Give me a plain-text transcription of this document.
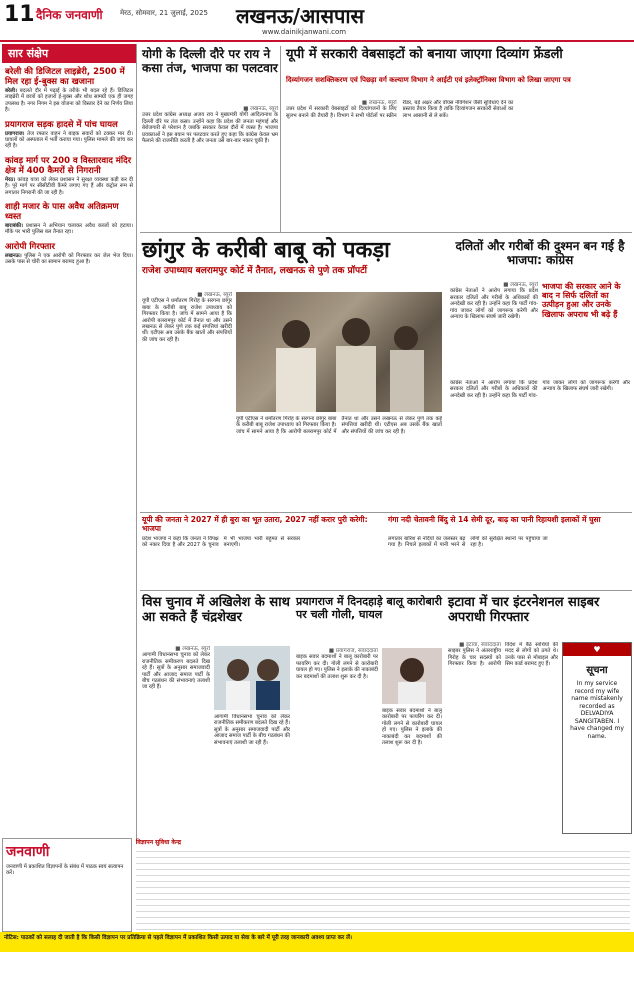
11 दैनिक जनवाणी मेरठ, सोमवार, 21 जुलाई, 2025 लखनऊ/आसपास
www.dainikjanwani.com
सार संक्षेप
बरेली की डिजिटल लाइब्रेरी, 2500 में मिल रहा ई-बुक्स का खजाना
बरेली। बदलते दौर में पढ़ाई के तरीके भी बदल रहे हैं। डिजिटल लाइब्रेरी में छात्रों को हजारों ई-बुक्स और शोध सामग्री एक ही जगह उपलब्ध है। नगर निगम ने इस योजना को विस्तार देने का निर्णय लिया है।
प्रयागराज सड़क हादसे में पांच घायल
प्रयागराज। तेज रफ्तार वाहन ने बाइक सवारों को टक्कर मार दी। घायलों को अस्पताल में भर्ती कराया गया। पुलिस मामले की जांच कर रही है।
कांवड़ मार्ग पर 200 व विस्तारवाद मंदिर क्षेत्र में 400 कैमरों से निगरानी
मेरठ। कांवड़ यात्रा को लेकर प्रशासन ने सुरक्षा व्यवस्था कड़ी कर दी है। पूरे मार्ग पर सीसीटीवी कैमरे लगाए गए हैं और कंट्रोल रूम से लगातार निगरानी की जा रही है।
शाही मजार के पास अवैध अतिक्रमण ध्वस्त
बाराबंकी। प्रशासन ने अभियान चलाकर अवैध कब्जों को हटाया। मौके पर भारी पुलिस बल तैनात रहा।
आरोपी गिरफ्तार
लखनऊ। पुलिस ने एक आरोपी को गिरफ्तार कर जेल भेज दिया। उसके पास से चोरी का सामान बरामद हुआ है।
योगी के दिल्ली दौरे पर राय ने कसा तंज, भाजपा का पलटवार
■ लखनऊ, ब्यूरो
उत्तर प्रदेश कांग्रेस अध्यक्ष अजय राय ने मुख्यमंत्री योगी आदित्यनाथ के दिल्ली दौरे पर तंज कसा। उन्होंने कहा कि प्रदेश की जनता महंगाई और बेरोजगारी से परेशान है जबकि सरकार केवल दौरों में व्यस्त है। भाजपा प्रवक्ताओं ने इस बयान पर पलटवार करते हुए कहा कि कांग्रेस केवल भ्रम फैलाने की राजनीति करती है और जनता उसे बार-बार नकार चुकी है।
यूपी में सरकारी वेबसाइटों को बनाया जाएगा दिव्यांग फ्रेंडली
दिव्यांगजन सशक्तिकरण एवं पिछड़ा वर्ग कल्याण विभाग ने आईटी एवं इलेक्ट्रॉनिक्स विभाग को लिखा जाएगा पत्र
■ लखनऊ, ब्यूरो
उत्तर प्रदेश में सरकारी वेबसाइटों को दिव्यांगजनों के लिए सुलभ बनाने की तैयारी है। विभाग ने सभी पोर्टलों पर स्क्रीन रीडर, बड़े अक्षर और वॉयस नेविगेशन जैसी सुविधाएं देने का प्रस्ताव तैयार किया है ताकि दिव्यांगजन सरकारी सेवाओं का लाभ आसानी से ले सकें।
छांगुर के करीबी बाबू को पकड़ा
राजेश उपाध्याय बलरामपुर कोर्ट में तैनात, लखनऊ से पुणे तक प्रॉपर्टी
■ लखनऊ, ब्यूरो
यूपी एटीएस ने धर्मांतरण गिरोह के सरगना छांगुर बाबा के करीबी बाबू राजेश उपाध्याय को गिरफ्तार किया है। जांच में सामने आया है कि आरोपी बलरामपुर कोर्ट में तैनात था और उसने लखनऊ से लेकर पुणे तक कई संपत्तियां खरीदी थीं। एटीएस अब उसके बैंक खातों और संपत्तियों की जांच कर रही है।
यूपी एटीएस ने धर्मांतरण गिरोह के सरगना छांगुर बाबा के करीबी बाबू राजेश उपाध्याय को गिरफ्तार किया है। जांच में सामने आया है कि आरोपी बलरामपुर कोर्ट में तैनात था और उसने लखनऊ से लेकर पुणे तक कई संपत्तियां खरीदी थीं। एटीएस अब उसके बैंक खातों और संपत्तियों की जांच कर रही है।
दलितों और गरीबों की दुश्मन बन गई है भाजपा: कांग्रेस
■ लखनऊ, ब्यूरो
कांग्रेस नेताओं ने आरोप लगाया कि प्रदेश सरकार दलितों और गरीबों के अधिकारों की अनदेखी कर रही है। उन्होंने कहा कि पार्टी गांव-गांव जाकर लोगों को जागरूक करेगी और अन्याय के खिलाफ संघर्ष जारी रखेगी।
भाजपा की सरकार आने के बाद न सिर्फ दलितों का उत्पीड़न हुआ और उनके खिलाफ अपराध भी बढ़े हैं
कांग्रेस नेताओं ने आरोप लगाया कि प्रदेश सरकार दलितों और गरीबों के अधिकारों की अनदेखी कर रही है। उन्होंने कहा कि पार्टी गांव-गांव जाकर लोगों को जागरूक करेगी और अन्याय के खिलाफ संघर्ष जारी रखेगी।
यूपी की जनता ने 2027 में ही बुरा का भूत उतारा, 2027 नहीं करार पुरी करेगी: भाजपा
प्रदेश भाजपा ने कहा कि जनता ने विपक्ष को नकार दिया है और 2027 के चुनाव में भी भाजपा भारी बहुमत से सरकार बनाएगी।
गंगा नदी चेतावनी बिंदु से 14 सेमी दूर, बाढ़ का पानी रिहायशी इलाकों में घुसा
लगातार बारिश से नदियों का जलस्तर बढ़ गया है। निचले इलाकों में पानी भरने से लोगों को सुरक्षित स्थानों पर पहुंचाया जा रहा है।
विस चुनाव में अखिलेश के साथ आ सकते हैं चंद्रशेखर
■ लखनऊ, ब्यूरो
आगामी विधानसभा चुनाव को लेकर राजनीतिक समीकरण बदलते दिख रहे हैं। सूत्रों के अनुसार समाजवादी पार्टी और आजाद समाज पार्टी के बीच गठबंधन की संभावनाएं तलाशी जा रही हैं।
आगामी विधानसभा चुनाव को लेकर राजनीतिक समीकरण बदलते दिख रहे हैं। सूत्रों के अनुसार समाजवादी पार्टी और आजाद समाज पार्टी के बीच गठबंधन की संभावनाएं तलाशी जा रही हैं।
प्रयागराज में दिनदहाड़े बालू कारोबारी पर चली गोली, घायल
■ प्रयागराज, संवाददाता
बाइक सवार बदमाशों ने बालू कारोबारी पर फायरिंग कर दी। गोली लगने से कारोबारी घायल हो गए। पुलिस ने इलाके की नाकाबंदी कर बदमाशों की तलाश शुरू कर दी है।
बाइक सवार बदमाशों ने बालू कारोबारी पर फायरिंग कर दी। गोली लगने से कारोबारी घायल हो गए। पुलिस ने इलाके की नाकाबंदी कर बदमाशों की तलाश शुरू कर दी है।
इटावा में चार इंटरनेशनल साइबर अपराधी गिरफ्तार
■ इटावा, संवाददाता
साइबर पुलिस ने अंतरराष्ट्रीय गिरोह के चार सदस्यों को गिरफ्तार किया है। आरोपी विदेश में बैठे साथियों की मदद से लोगों को ठगते थे। उनके पास से मोबाइल और सिम कार्ड बरामद हुए हैं।
♥
सूचना
In my service record my wife name mistakenly recorded as DELVADIYA SANGITABEN. I have changed my name.
जनवाणी
जनवाणी में प्रकाशित विज्ञापनों के संबंध में पाठक स्वयं सत्यापन करें।
विज्ञापन सुविधा केन्द्र
नोटिस: पाठकों को सलाह दी जाती है कि किसी विज्ञापन पर प्रतिक्रिया से पहले विज्ञापन में प्रकाशित किसी उत्पाद या सेवा के बारे में पूरी तरह जानकारी अवश्य प्राप्त कर लें।
